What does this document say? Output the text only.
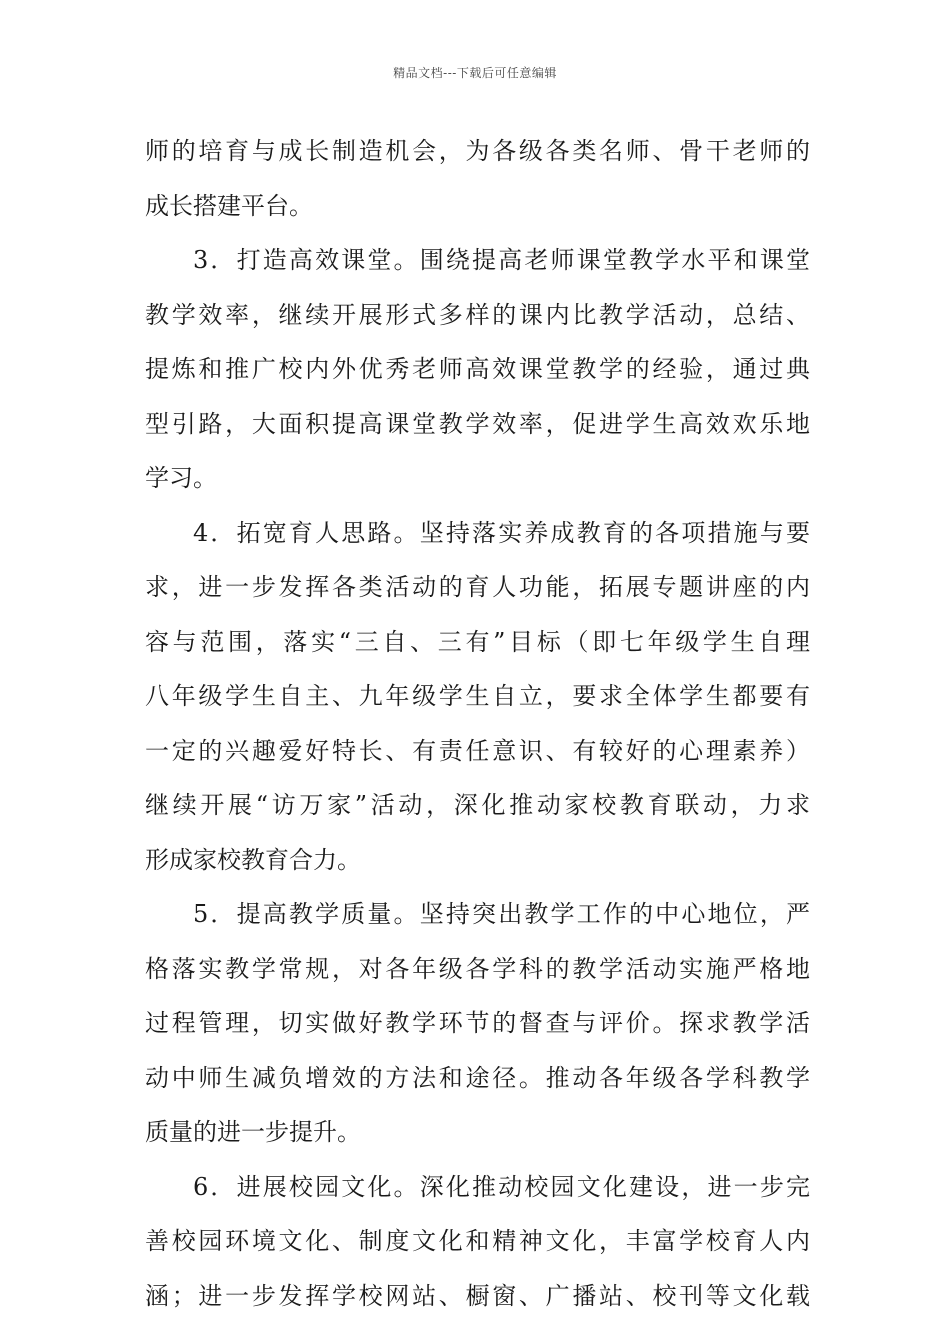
精品文档---下载后可任意编辑
师的培育与成长制造机会，为各级各类名师、骨干老师的
成长搭建平台。
3．打造高效课堂。围绕提高老师课堂教学水平和课堂
教学效率，继续开展形式多样的课内比教学活动，总结、
提炼和推广校内外优秀老师高效课堂教学的经验，通过典
型引路，大面积提高课堂教学效率，促进学生高效欢乐地
学习。
4．拓宽育人思路。坚持落实养成教育的各项措施与要
求，进一步发挥各类活动的育人功能，拓展专题讲座的内
容与范围，落实“三自、三有”目标（即七年级学生自理
八年级学生自主、九年级学生自立，要求全体学生都要有
一定的兴趣爱好特长、有责任意识、有较好的心理素养）
继续开展“访万家”活动，深化推动家校教育联动，力求
形成家校教育合力。
5．提高教学质量。坚持突出教学工作的中心地位，严
格落实教学常规，对各年级各学科的教学活动实施严格地
过程管理，切实做好教学环节的督查与评价。探求教学活
动中师生减负增效的方法和途径。推动各年级各学科教学
质量的进一步提升。
6．进展校园文化。深化推动校园文化建设，进一步完
善校园环境文化、制度文化和精神文化，丰富学校育人内
涵；进一步发挥学校网站、橱窗、广播站、校刊等文化载
